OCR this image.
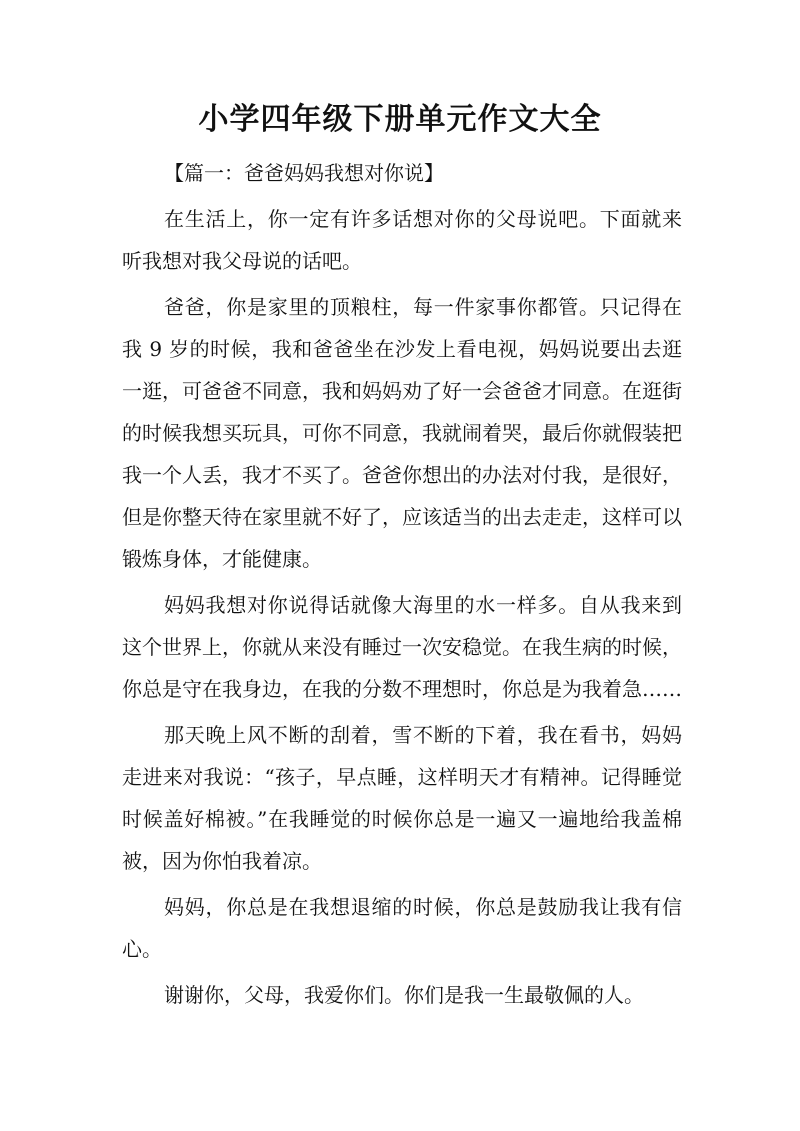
小学四年级下册单元作文大全

【篇一：爸爸妈妈我想对你说】

在生活上，你一定有许多话想对你的父母说吧。下面就来听我想对我父母说的话吧。

爸爸，你是家里的顶粮柱，每一件家事你都管。只记得在我 9 岁的时候，我和爸爸坐在沙发上看电视，妈妈说要出去逛一逛，可爸爸不同意，我和妈妈劝了好一会爸爸才同意。在逛街的时候我想买玩具，可你不同意，我就闹着哭，最后你就假装把我一个人丢，我才不买了。爸爸你想出的办法对付我，是很好，但是你整天待在家里就不好了，应该适当的出去走走，这样可以锻炼身体，才能健康。

妈妈我想对你说得话就像大海里的水一样多。自从我来到这个世界上，你就从来没有睡过一次安稳觉。在我生病的时候，你总是守在我身边，在我的分数不理想时，你总是为我着急……

那天晚上风不断的刮着，雪不断的下着，我在看书，妈妈走进来对我说：“孩子，早点睡，这样明天才有精神。记得睡觉时候盖好棉被。”在我睡觉的时候你总是一遍又一遍地给我盖棉被，因为你怕我着凉。

妈妈，你总是在我想退缩的时候，你总是鼓励我让我有信心。

谢谢你，父母，我爱你们。你们是我一生最敬佩的人。
